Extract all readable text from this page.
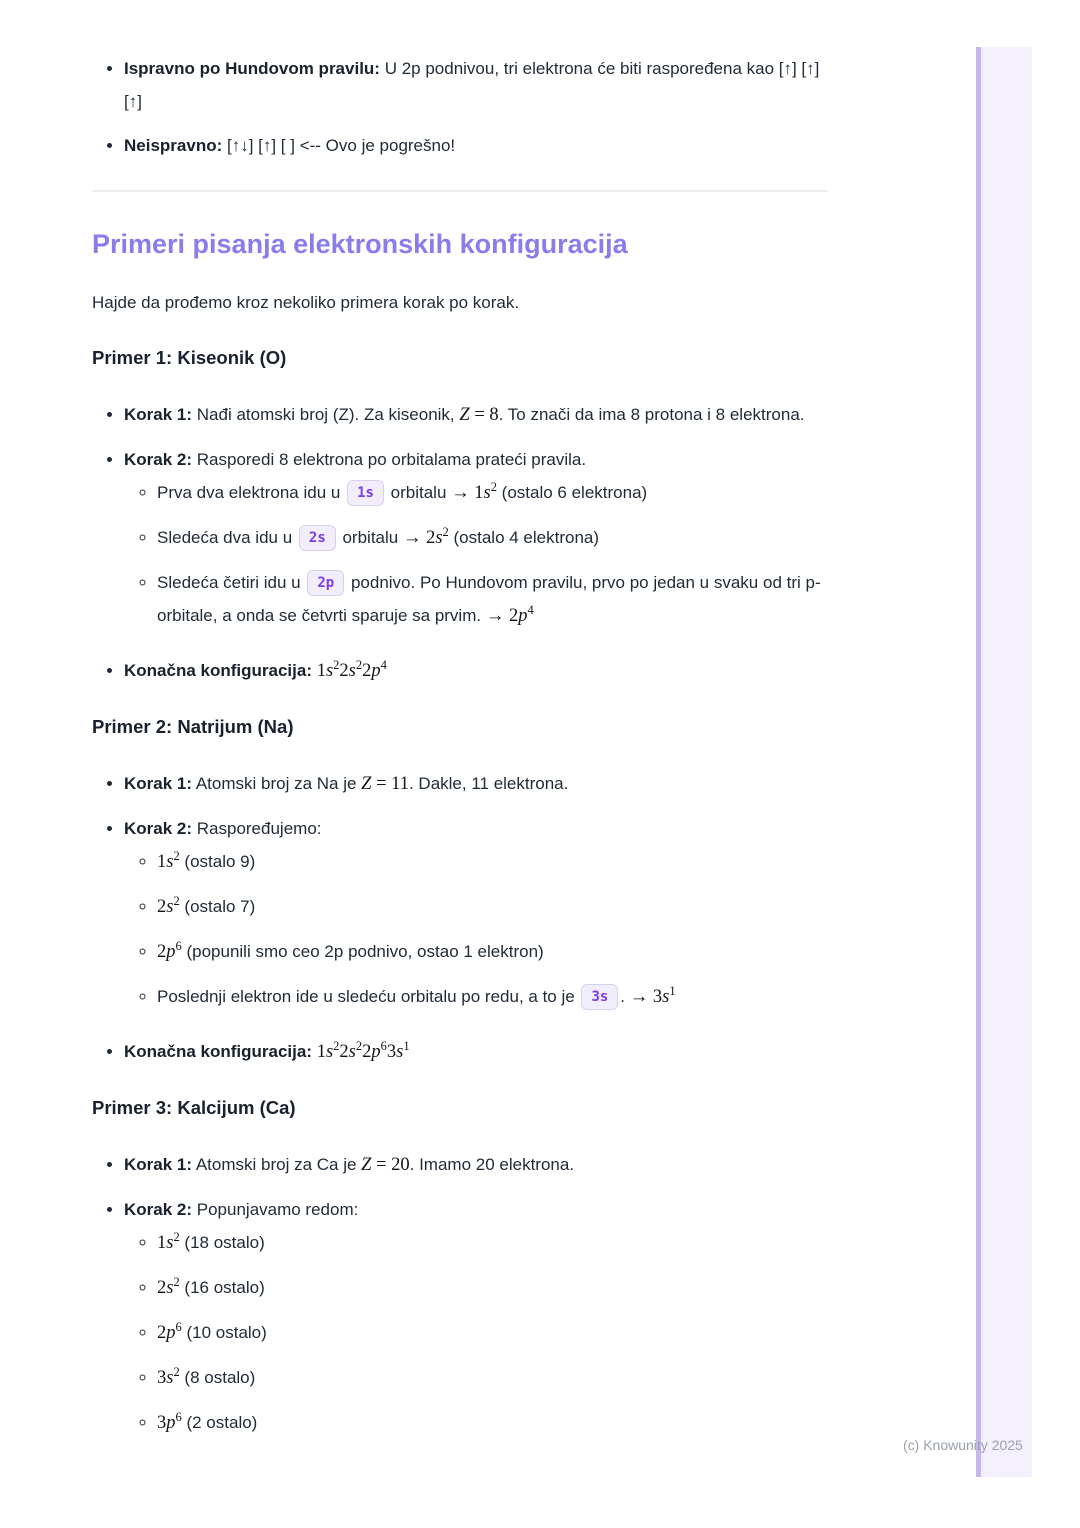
• Ispravno po Hundovom pravilu: U 2p podnivou, tri elektrona će biti raspoređena kao [↑] [↑] [↑]
• Neispravno: [↑↓] [↑] [ ] <-- Ovo je pogrešno!
Primeri pisanja elektronskih konfiguracija

Hajde da prođemo kroz nekoliko primera korak po korak.

Primer 1: Kiseonik (O)
• Korak 1: Nađi atomski broj (Z). Za kiseonik, Z = 8. To znači da ima 8 protona i 8 elektrona.
• Korak 2: Rasporedi 8 elektrona po orbitalama prateći pravila.
◦ Prva dva elektrona idu u 1s orbitalu → $1s^2$ (ostalo 6 elektrona)
◦ Sledeća dva idu u 2s orbitalu → $2s^2$ (ostalo 4 elektrona)
◦ Sledeća četiri idu u 2p podnivo. Po Hundovom pravilu, prvo po jedan u svaku od tri p-orbitale, a onda se četvrti sparuje sa prvim. → $2p^4$
• Konačna konfiguracija: $1s^22s^22p^4$
Primer 2: Natrijum (Na)
• Korak 1: Atomski broj za Na je Z = 11. Dakle, 11 elektrona.
• Korak 2: Raspoređujemo:
◦ $1s^2$ (ostalo 9)
◦ $2s^2$ (ostalo 7)
◦ $2p^6$ (popunili smo ceo 2p podnivo, ostao 1 elektron)
◦ Poslednji elektron ide u sledeću orbitalu po redu, a to je 3s . → $3s^1$
• Konačna konfiguracija: $1s^22s^22p^63s^1$
Primer 3: Kalcijum (Ca)
• Korak 1: Atomski broj za Ca je Z = 20. Imamo 20 elektrona.
• Korak 2: Popunjavamo redom:
◦ $1s^2$ (18 ostalo)
◦ $2s^2$ (16 ostalo)
◦ $2p^6$ (10 ostalo)
◦ $3s^2$ (8 ostalo)
◦ $3p^6$ (2 ostalo)
(c) Knowunity 2025
